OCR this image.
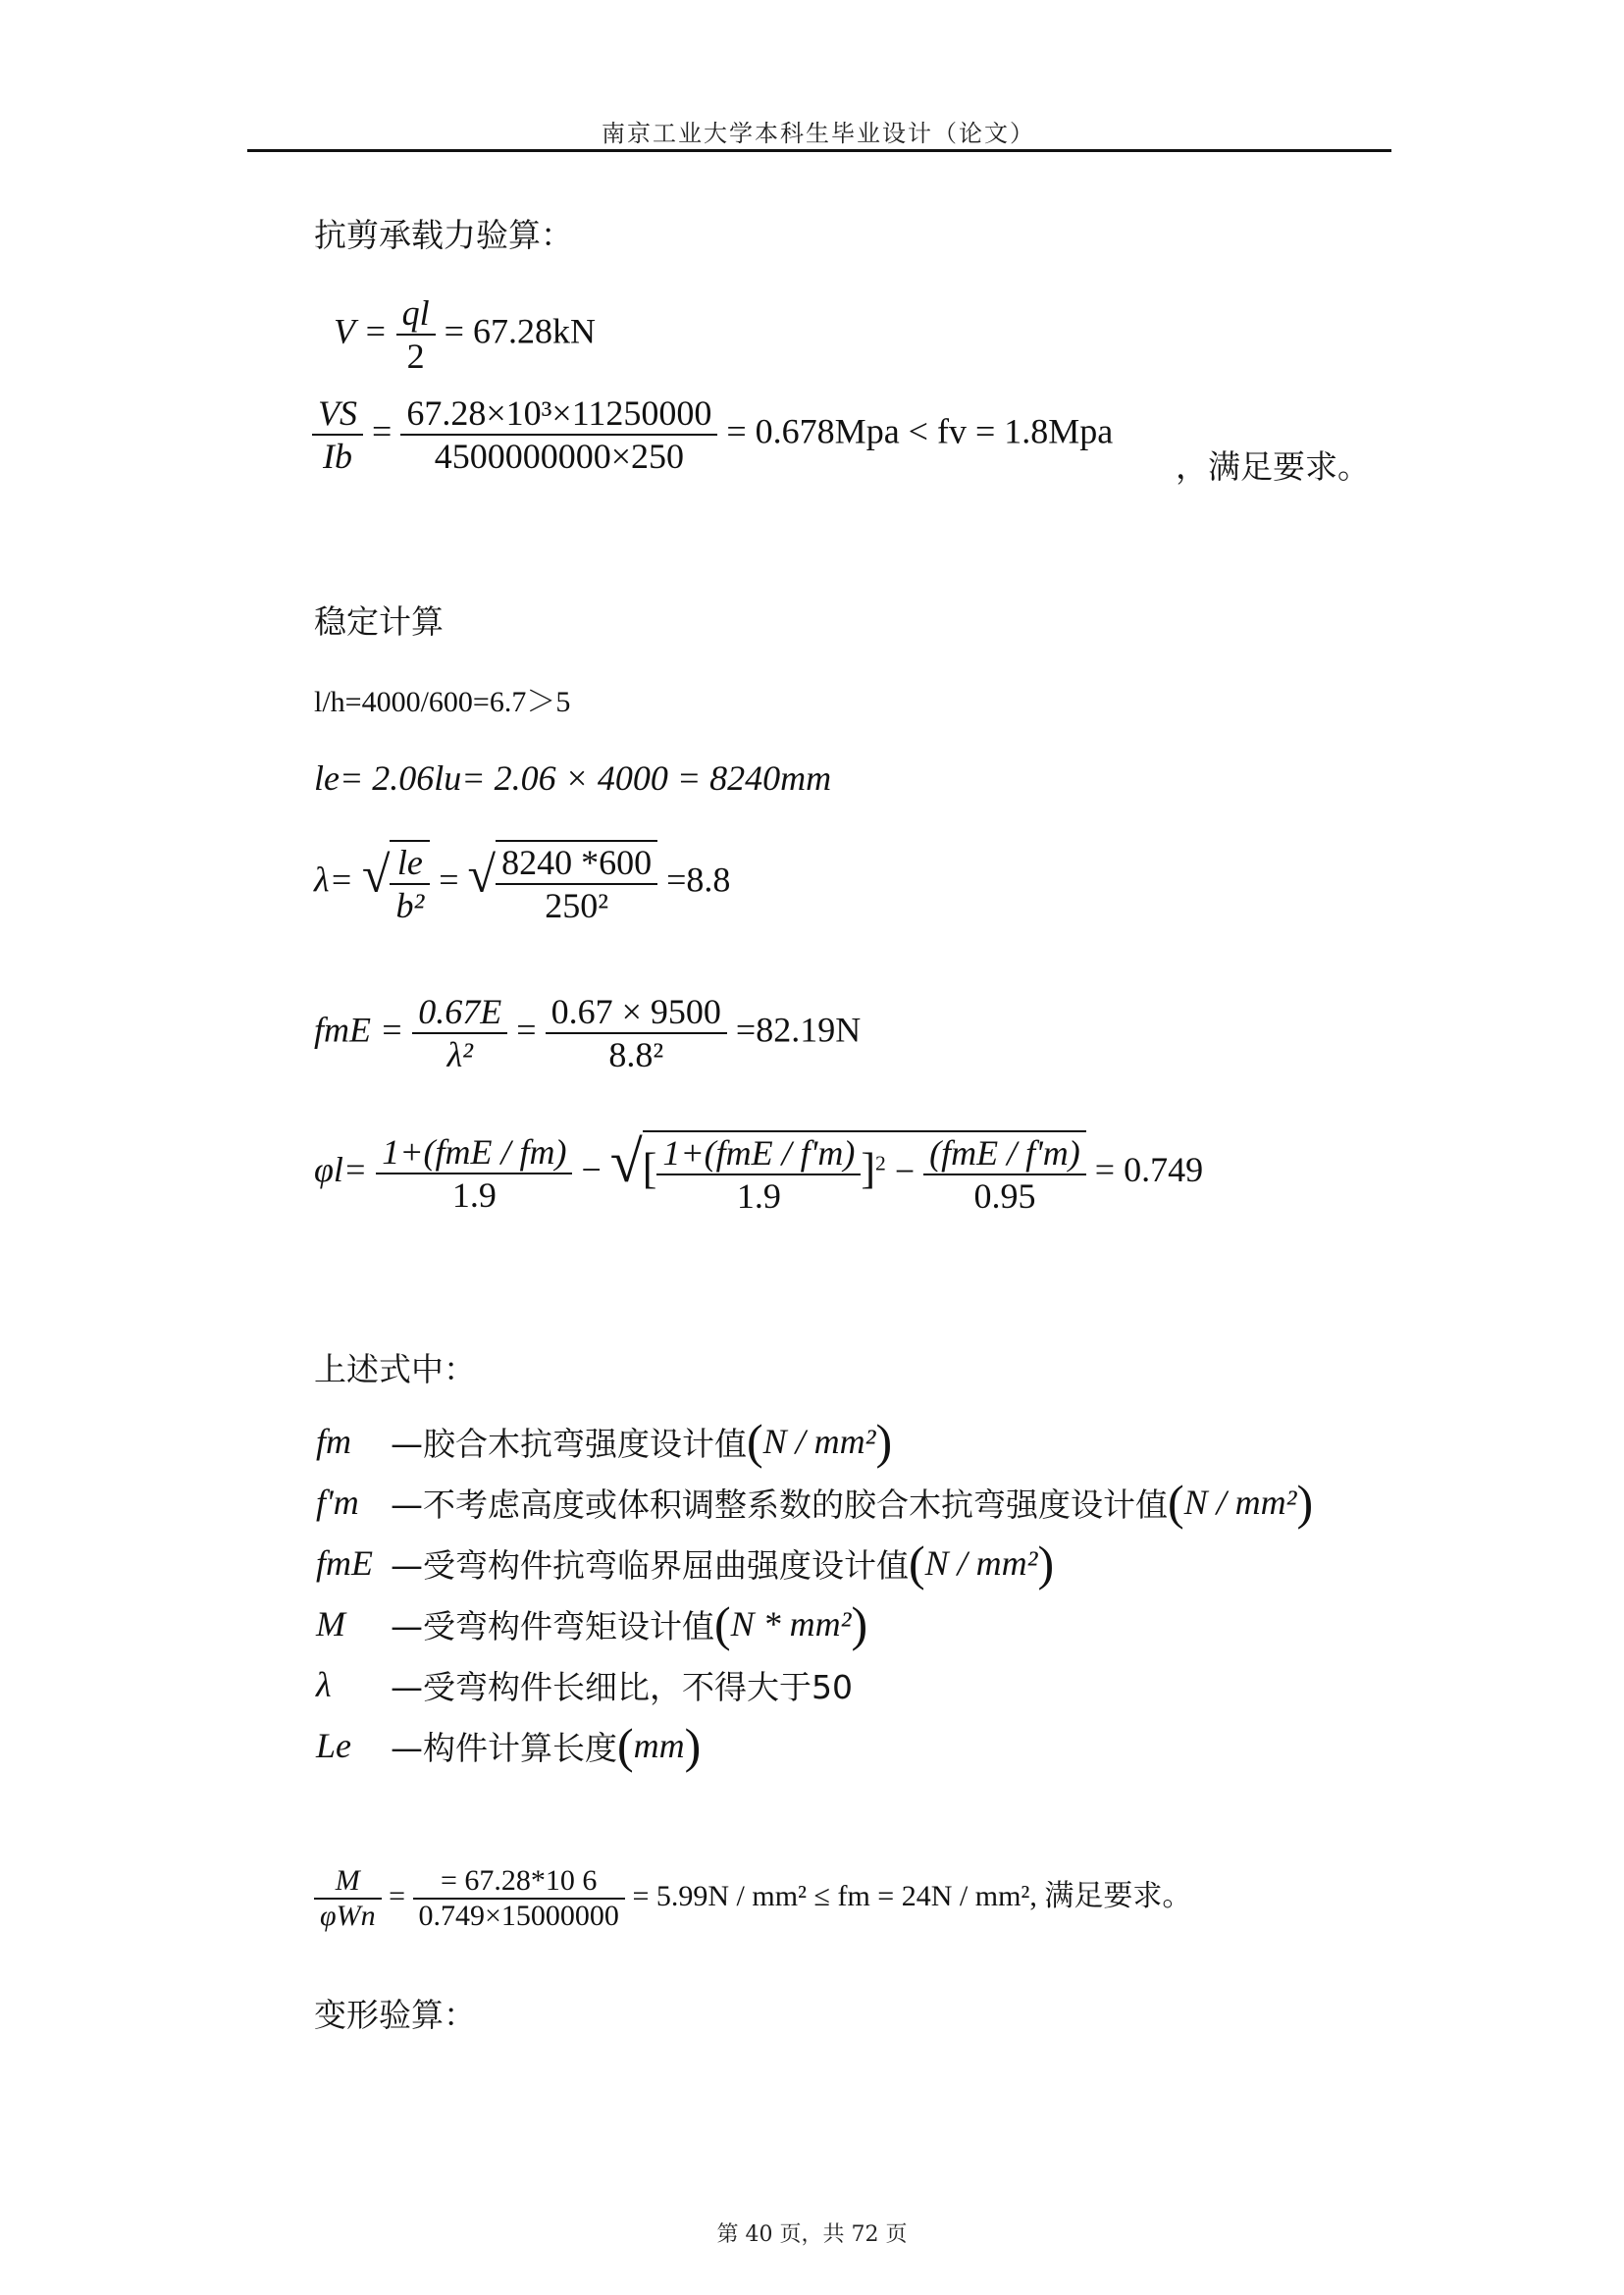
南京工业大学本科生毕业设计（论文）
抗剪承载力验算：
$V = \frac{ql}{2} = 67.28kN$
$\frac{VS}{Ib} = \frac{\text{67.28×10³×11250000}}{4500000000\times 250} = 0.678Mpa$ < fv = 1.8Mpa
，满足要求。
稳定计算
l/h=4000/600=6.7＞5
le= 2.06lu= 2.06 × 4000 = 8240mm
λ= √ $\frac{le}{\text{b²}}$ = √ $\frac{8240 *600}{\text{250²}} =8.8$
fmE = $\frac{0.67E}{\text{λ²}} = \frac{0.67 \times 9500}{\text{8.8²}} =82.19N$
$\varphi l= \frac{\text{1+(fmE / fm)}}{1.9}$ − √[ $\frac{\text{1+(fmE / f'm)}}{1.9} ]^2 - \frac{\text{(fmE / f'm)}}{0.95} = 0.749$
上述式中：
fm	—胶合木抗弯强度设计值 ( N / mm² )
f'm —不考虑高度或体积调整系数的胶合木抗弯强度设计值 ( N / mm² )
fmE —受弯构件抗弯临界屈曲强度设计值 ( N / mm² )
M	—受弯构件弯矩设计值 ( N * mm² )
λ	—受弯构件长细比，不得大于50
Le	—构件计算长度 ( mm )
$\frac{M}{\text{φWn}} = \frac{= 67.28*10 6}{0.749\times 15000000} = 5.99N / mm^2$ ≤ fm = 24N / mm², 满足要求。
变形验算：
第 40 页，共 72 页
